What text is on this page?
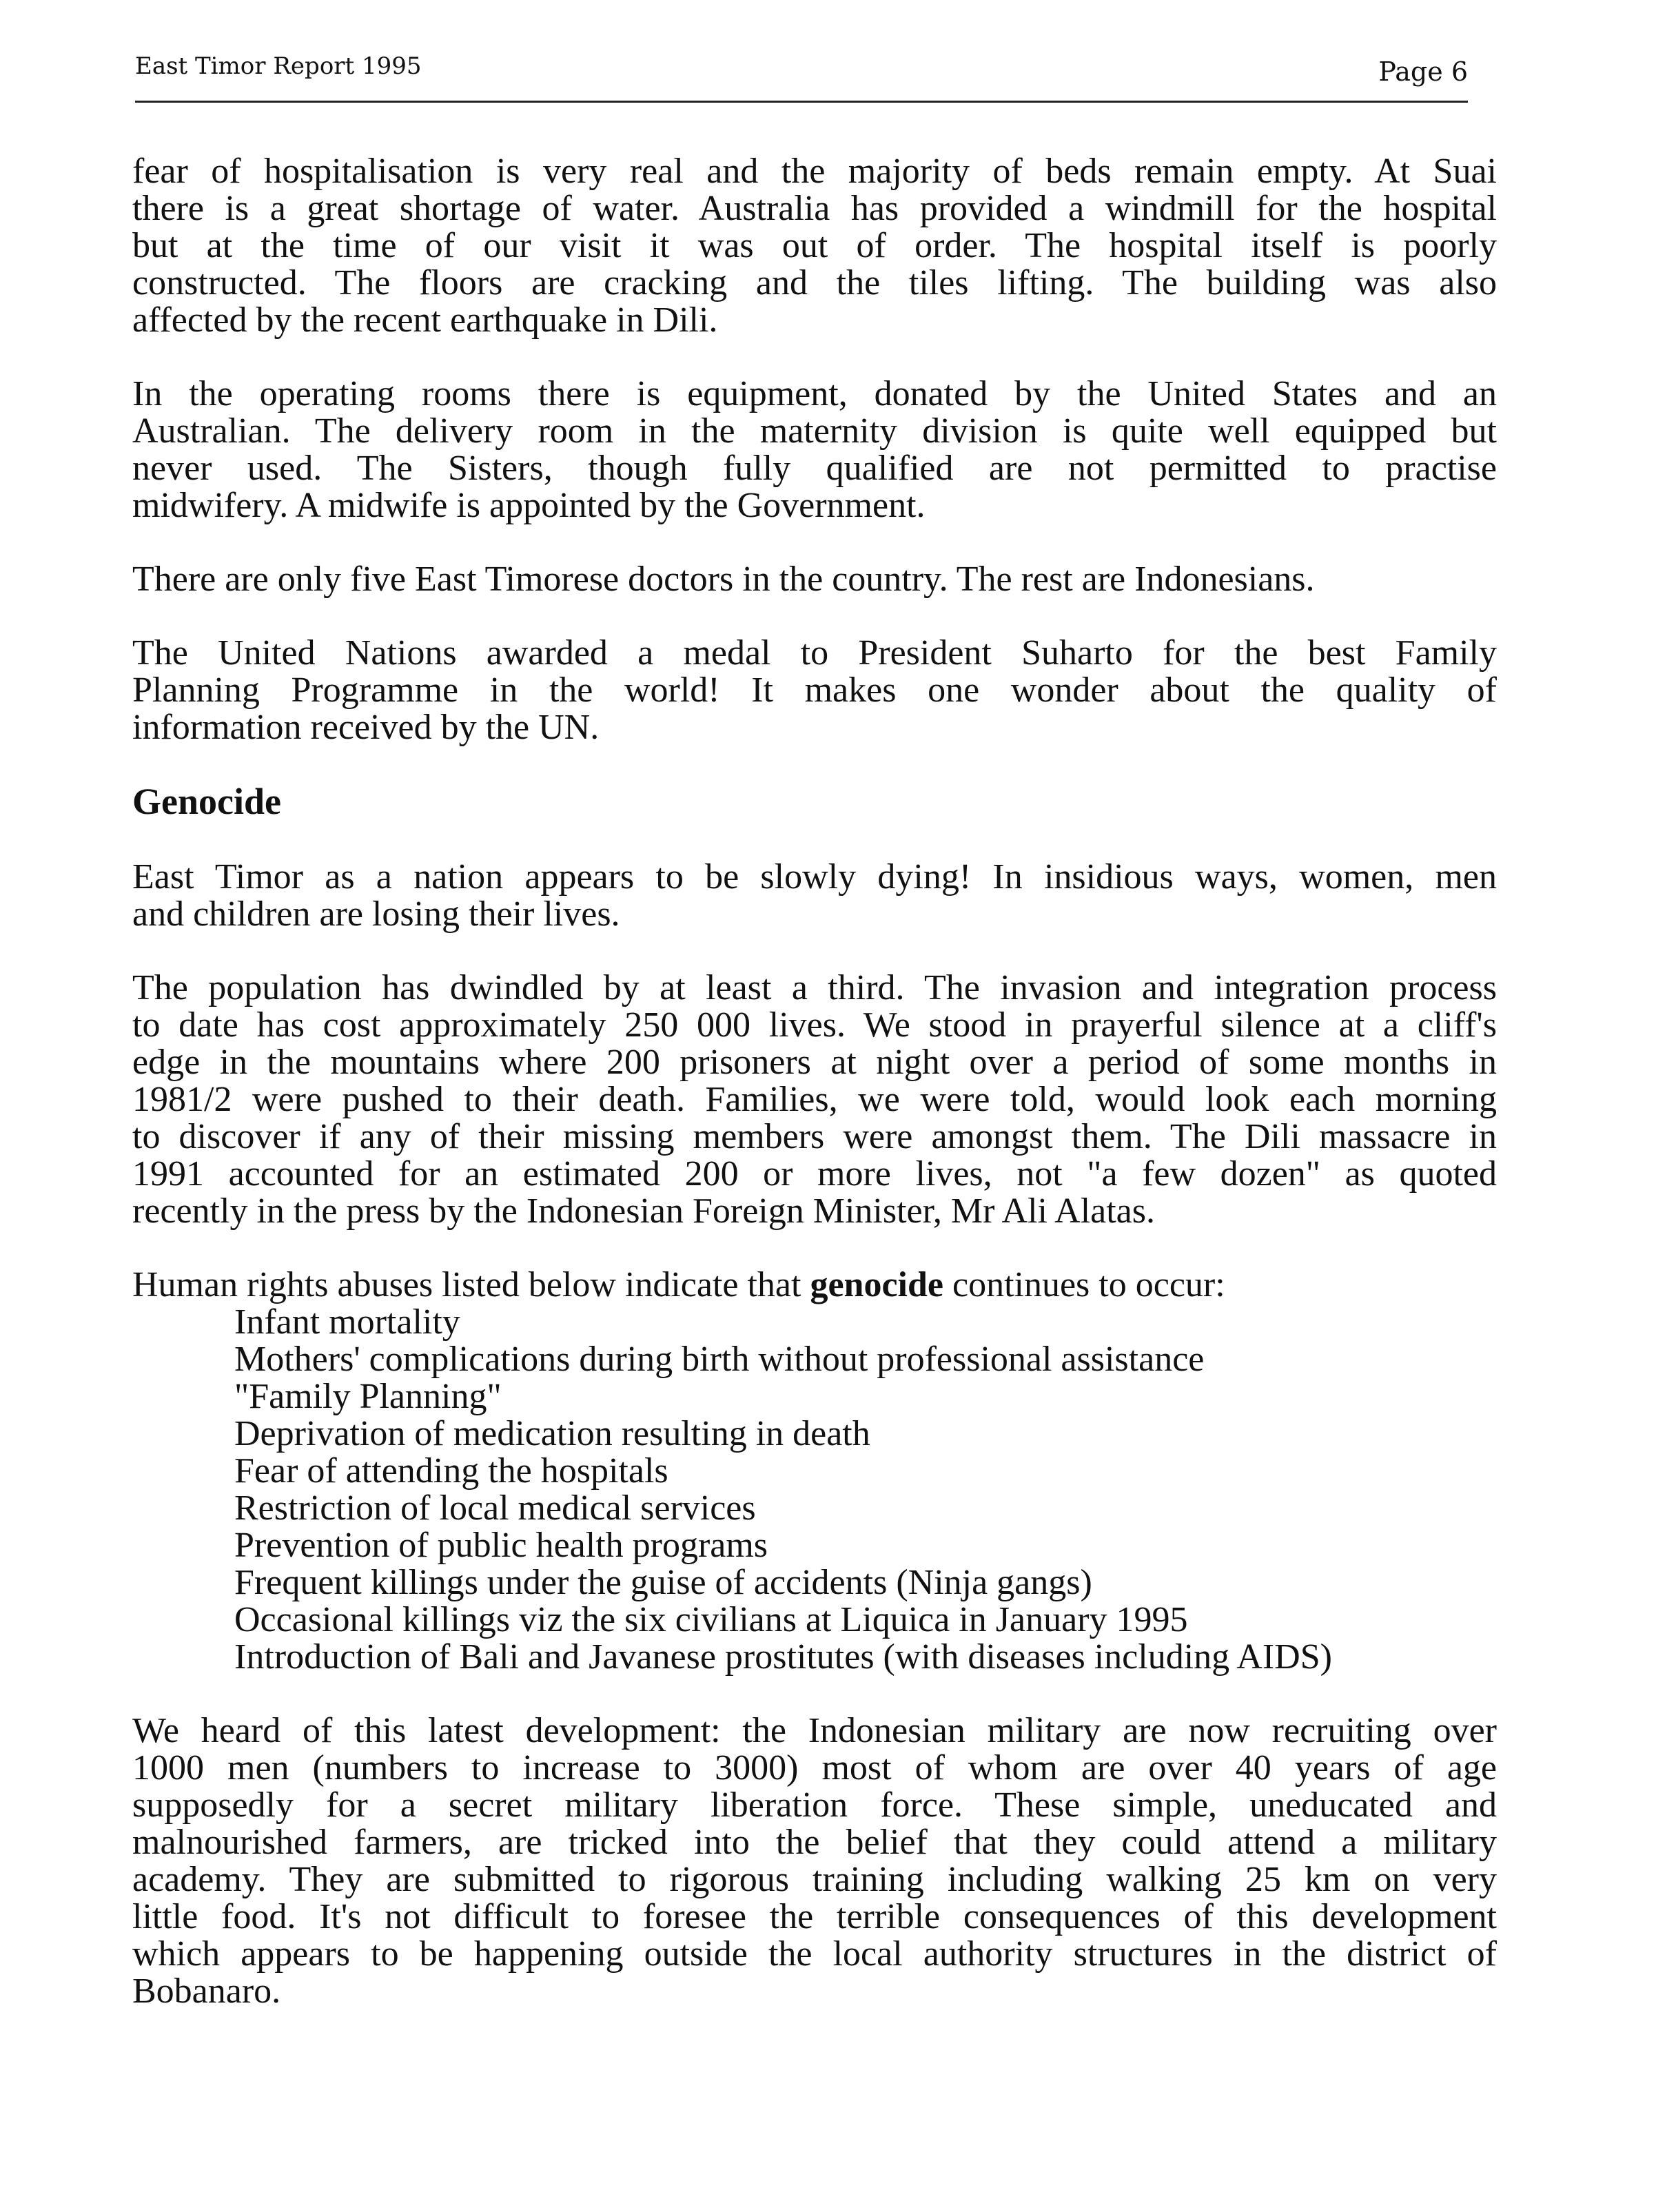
East Timor Report 1995	Page 6
fear of hospitalisation is very real and the majority of beds remain empty. At Suai
there is a great shortage of water. Australia has provided a windmill for the hospital
but at the time of our visit it was out of order. The hospital itself is poorly
constructed. The floors are cracking and the tiles lifting. The building was also
affected by the recent earthquake in Dili.
In the operating rooms there is equipment, donated by the United States and an
Australian. The delivery room in the maternity division is quite well equipped but
never used. The Sisters, though fully qualified are not permitted to practise
midwifery. A midwife is appointed by the Government.
There are only five East Timorese doctors in the country. The rest are Indonesians.
The United Nations awarded a medal to President Suharto for the best Family
Planning Programme in the world! It makes one wonder about the quality of
information received by the UN.
Genocide
East Timor as a nation appears to be slowly dying! In insidious ways, women, men
and children are losing their lives.
The population has dwindled by at least a third. The invasion and integration process
to date has cost approximately 250 000 lives. We stood in prayerful silence at a cliff's
edge in the mountains where 200 prisoners at night over a period of some months in
1981/2 were pushed to their death. Families, we were told, would look each morning
to discover if any of their missing members were amongst them. The Dili massacre in
1991 accounted for an estimated 200 or more lives, not "a few dozen" as quoted
recently in the press by the Indonesian Foreign Minister, Mr Ali Alatas.
Human rights abuses listed below indicate that genocide continues to occur:
Infant mortality
Mothers' complications during birth without professional assistance
"Family Planning"
Deprivation of medication resulting in death
Fear of attending the hospitals
Restriction of local medical services
Prevention of public health programs
Frequent killings under the guise of accidents (Ninja gangs)
Occasional killings viz the six civilians at Liquica in January 1995
Introduction of Bali and Javanese prostitutes (with diseases including AIDS)
We heard of this latest development: the Indonesian military are now recruiting over
1000 men (numbers to increase to 3000) most of whom are over 40 years of age
supposedly for a secret military liberation force. These simple, uneducated and
malnourished farmers, are tricked into the belief that they could attend a military
academy. They are submitted to rigorous training including walking 25 km on very
little food. It's not difficult to foresee the terrible consequences of this development
which appears to be happening outside the local authority structures in the district of
Bobanaro.
